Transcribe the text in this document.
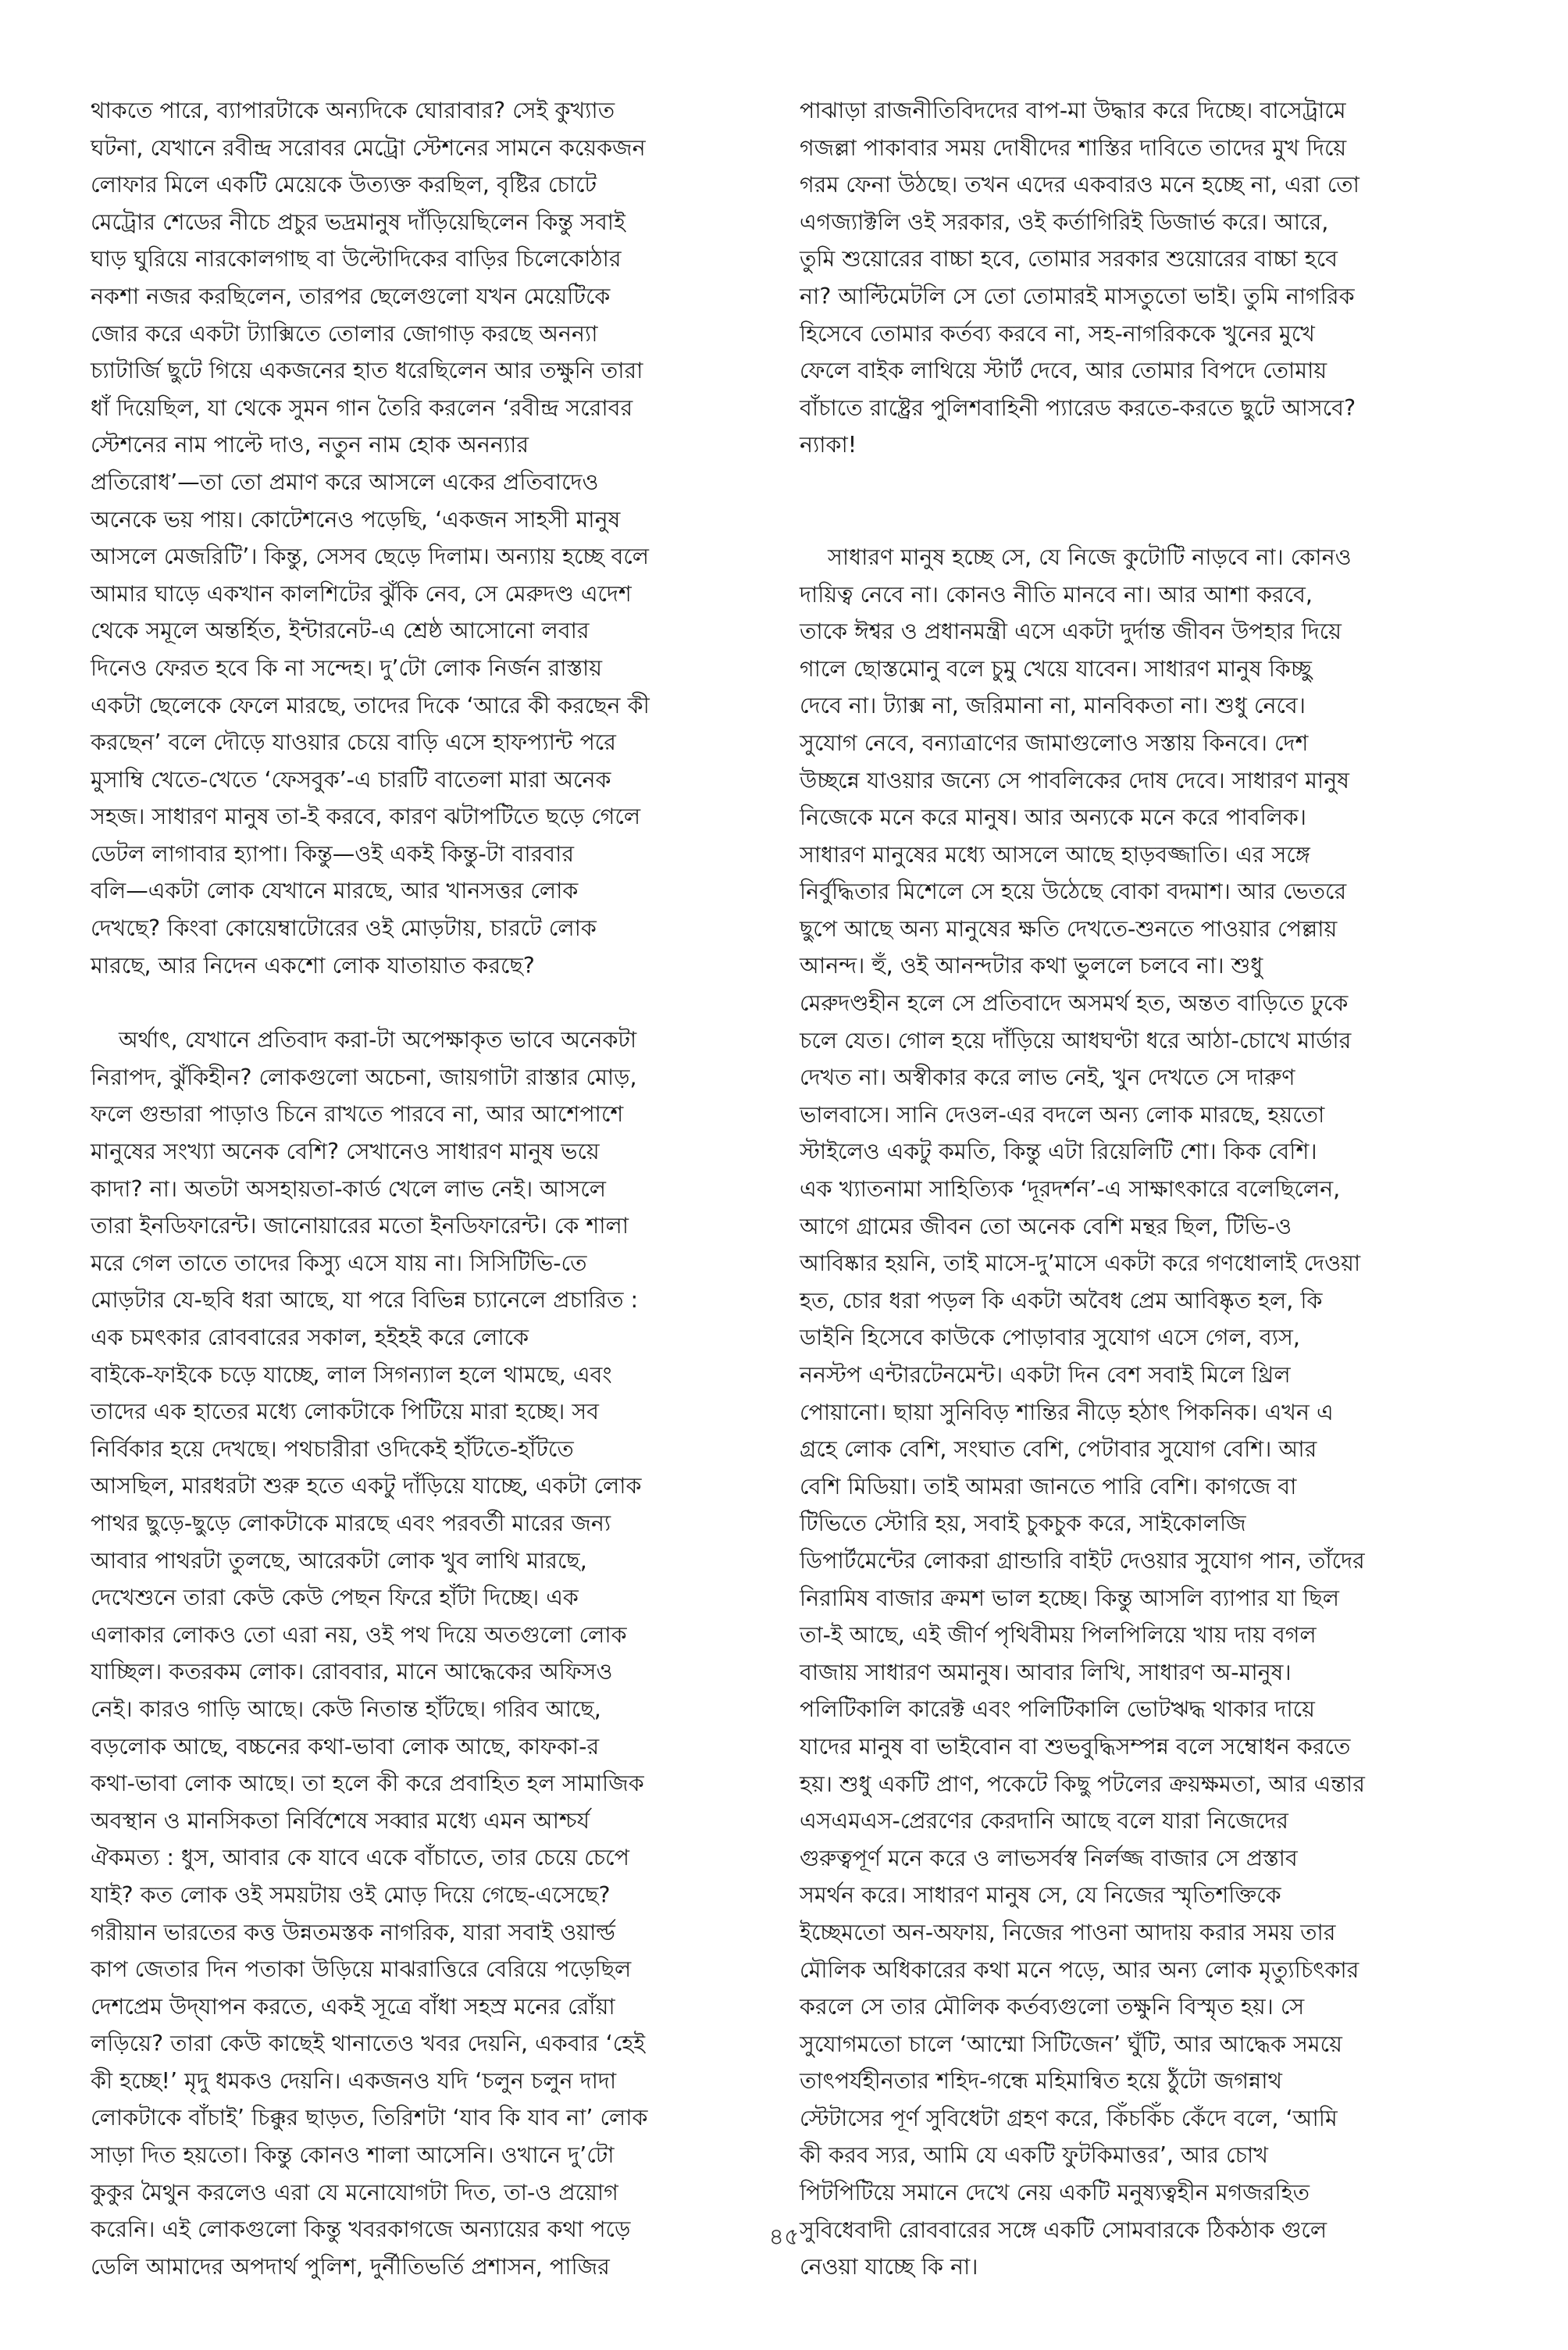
থাকতে পারে, ব্যাপারটাকে অন্যদিকে ঘোরাবার? সেই কুখ্যাত
ঘটনা, যেখানে রবীন্দ্র সরোবর মেট্রো স্টেশনের সামনে কয়েকজন
লোফার মিলে একটি মেয়েকে উত্যক্ত করছিল, বৃষ্টির চোটে
মেট্রোর শেডের নীচে প্রচুর ভদ্রমানুষ দাঁড়িয়েছিলেন কিন্তু সবাই
ঘাড় ঘুরিয়ে নারকোলগাছ বা উল্টোদিকের বাড়ির চিলেকোঠার
নকশা নজর করছিলেন, তারপর ছেলেগুলো যখন মেয়েটিকে
জোর করে একটা ট্যাক্সিতে তোলার জোগাড় করছে অনন্যা
চ্যাটার্জি ছুটে গিয়ে একজনের হাত ধরেছিলেন আর তক্ষুনি তারা
ধাঁ দিয়েছিল, যা থেকে সুমন গান তৈরি করলেন ‘রবীন্দ্র সরোবর
স্টেশনের নাম পাল্টে দাও, নতুন নাম হোক অনন্যার
প্রতিরোধ’—তা তো প্রমাণ করে আসলে একের প্রতিবাদেও
অনেকে ভয় পায়। কোটেশনেও পড়েছি, ‘একজন সাহসী মানুষ
আসলে মেজরিটি’। কিন্তু, সেসব ছেড়ে দিলাম। অন্যায় হচ্ছে বলে
আমার ঘাড়ে একখান কালশিটের ঝুঁকি নেব, সে মেরুদণ্ড এদেশ
থেকে সমূলে অন্তর্হিত, ইন্টারনেট-এ শ্রেষ্ঠ আসোনো লবার
দিনেও ফেরত হবে কি না সন্দেহ। দু’টো লোক নির্জন রাস্তায়
একটা ছেলেকে ফেলে মারছে, তাদের দিকে ‘আরে কী করছেন কী
করছেন’ বলে দৌড়ে যাওয়ার চেয়ে বাড়ি এসে হাফপ্যান্ট পরে
মুসাম্বি খেতে-খেতে ‘ফেসবুক’-এ চারটি বাতেলা মারা অনেক
সহজ। সাধারণ মানুষ তা-ই করবে, কারণ ঝটাপটিতে ছড়ে গেলে
ডেটল লাগাবার হ্যাপা। কিন্তু—ওই একই কিন্তু-টা বারবার
বলি—একটা লোক যেখানে মারছে, আর খানসত্তর লোক
দেখছে? কিংবা কোয়েম্বাটোরের ওই মোড়টায়, চারটে লোক
মারছে, আর নিদেন একশো লোক যাতায়াত করছে?

অর্থাৎ, যেখানে প্রতিবাদ করা-টা অপেক্ষাকৃত ভাবে অনেকটা
নিরাপদ, ঝুঁকিহীন? লোকগুলো অচেনা, জায়গাটা রাস্তার মোড়,
ফলে গুন্ডারা পাড়াও চিনে রাখতে পারবে না, আর আশেপাশে
মানুষের সংখ্যা অনেক বেশি? সেখানেও সাধারণ মানুষ ভয়ে
কাদা? না। অতটা অসহায়তা-কার্ড খেলে লাভ নেই। আসলে
তারা ইনডিফারেন্ট। জানোয়ারের মতো ইনডিফারেন্ট। কে শালা
মরে গেল তাতে তাদের কিস্যু এসে যায় না। সিসিটিভি-তে
মোড়টার যে-ছবি ধরা আছে, যা পরে বিভিন্ন চ্যানেলে প্রচারিত :
এক চমৎকার রোববারের সকাল, হইহই করে লোকে
বাইকে-ফাইকে চড়ে যাচ্ছে, লাল সিগন্যাল হলে থামছে, এবং
তাদের এক হাতের মধ্যে লোকটাকে পিটিয়ে মারা হচ্ছে। সব
নির্বিকার হয়ে দেখছে। পথচারীরা ওদিকেই হাঁটতে-হাঁটতে
আসছিল, মারধরটা শুরু হতে একটু দাঁড়িয়ে যাচ্ছে, একটা লোক
পাথর ছুড়ে-ছুড়ে লোকটাকে মারছে এবং পরবর্তী মারের জন্য
আবার পাথরটা তুলছে, আরেকটা লোক খুব লাথি মারছে,
দেখেশুনে তারা কেউ কেউ পেছন ফিরে হাঁটা দিচ্ছে। এক
এলাকার লোকও তো এরা নয়, ওই পথ দিয়ে অতগুলো লোক
যাচ্ছিল। কতরকম লোক। রোববার, মানে আদ্ধেকের অফিসও
নেই। কারও গাড়ি আছে। কেউ নিতান্ত হাঁটছে। গরিব আছে,
বড়লোক আছে, বচ্চনের কথা-ভাবা লোক আছে, কাফকা-র
কথা-ভাবা লোক আছে। তা হলে কী করে প্রবাহিত হল সামাজিক
অবস্থান ও মানসিকতা নির্বিশেষে সব্বার মধ্যে এমন আশ্চর্য
ঐকমত্য : ধুস, আবার কে যাবে একে বাঁচাতে, তার চেয়ে চেপে
যাই? কত লোক ওই সময়টায় ওই মোড় দিয়ে গেছে-এসেছে?
গরীয়ান ভারতের কত্ত উন্নতমস্তক নাগরিক, যারা সবাই ওয়ার্ল্ড
কাপ জেতার দিন পতাকা উড়িয়ে মাঝরাত্তিরে বেরিয়ে পড়েছিল
দেশপ্রেম উদ্‌যাপন করতে, একই সূত্রে বাঁধা সহস্র মনের রোঁয়া
লড়িয়ে? তারা কেউ কাছেই থানাতেও খবর দেয়নি, একবার ‘হেই
কী হচ্ছে!’ মৃদু ধমকও দেয়নি। একজনও যদি ‘চলুন চলুন দাদা
লোকটাকে বাঁচাই’ চিক্কুর ছাড়ত, তিরিশটা ‘যাব কি যাব না’ লোক
সাড়া দিত হয়তো। কিন্তু কোনও শালা আসেনি। ওখানে দু’টো
কুকুর মৈথুন করলেও এরা যে মনোযোগটা দিত, তা-ও প্রয়োগ
করেনি। এই লোকগুলো কিন্তু খবরকাগজে অন্যায়ের কথা পড়ে
ডেলি আমাদের অপদার্থ পুলিশ, দুর্নীতিভর্তি প্রশাসন, পাজির

পাঝাড়া রাজনীতিবিদদের বাপ-মা উদ্ধার করে দিচ্ছে। বাসেট্রামে
গজল্লা পাকাবার সময় দোষীদের শাস্তির দাবিতে তাদের মুখ দিয়ে
গরম ফেনা উঠছে। তখন এদের একবারও মনে হচ্ছে না, এরা তো
এগজ্যাক্টলি ওই সরকার, ওই কর্তাগিরিই ডিজার্ভ করে। আরে,
তুমি শুয়োরের বাচ্চা হবে, তোমার সরকার শুয়োরের বাচ্চা হবে
না? আল্টিমেটলি সে তো তোমারই মাসতুতো ভাই। তুমি নাগরিক
হিসেবে তোমার কর্তব্য করবে না, সহ-নাগরিককে খুনের মুখে
ফেলে বাইক লাথিয়ে স্টার্ট দেবে, আর তোমার বিপদে তোমায়
বাঁচাতে রাষ্ট্রের পুলিশবাহিনী প্যারেড করতে-করতে ছুটে আসবে?
ন্যাকা!

সাধারণ মানুষ হচ্ছে সে, যে নিজে কুটোটি নাড়বে না। কোনও
দায়িত্ব নেবে না। কোনও নীতি মানবে না। আর আশা করবে,
তাকে ঈশ্বর ও প্রধানমন্ত্রী এসে একটা দুর্দান্ত জীবন উপহার দিয়ে
গালে ছোস্তমোনু বলে চুমু খেয়ে যাবেন। সাধারণ মানুষ কিচ্ছু
দেবে না। ট্যাক্স না, জরিমানা না, মানবিকতা না। শুধু নেবে।
সুযোগ নেবে, বন্যাত্রাণের জামাগুলোও সস্তায় কিনবে। দেশ
উচ্ছন্নে যাওয়ার জন্যে সে পাবলিকের দোষ দেবে। সাধারণ মানুষ
নিজেকে মনে করে মানুষ। আর অন্যকে মনে করে পাবলিক।
সাধারণ মানুষের মধ্যে আসলে আছে হাড়বজ্জাতি। এর সঙ্গে
নির্বুদ্ধিতার মিশেলে সে হয়ে উঠেছে বোকা বদমাশ। আর ভেতরে
ছুপে আছে অন্য মানুষের ক্ষতি দেখতে-শুনতে পাওয়ার পেল্লায়
আনন্দ। হুঁ, ওই আনন্দটার কথা ভুললে চলবে না। শুধু
মেরুদণ্ডহীন হলে সে প্রতিবাদে অসমর্থ হত, অন্তত বাড়িতে ঢুকে
চলে যেত। গোল হয়ে দাঁড়িয়ে আধঘণ্টা ধরে আঠা-চোখে মার্ডার
দেখত না। অস্বীকার করে লাভ নেই, খুন দেখতে সে দারুণ
ভালবাসে। সানি দেওল-এর বদলে অন্য লোক মারছে, হয়তো
স্টাইলেও একটু কমতি, কিন্তু এটা রিয়েলিটি শো। কিক বেশি।
এক খ্যাতনামা সাহিত্যিক ‘দূরদর্শন’-এ সাক্ষাৎকারে বলেছিলেন,
আগে গ্রামের জীবন তো অনেক বেশি মন্থর ছিল, টিভি-ও
আবিষ্কার হয়নি, তাই মাসে-দু’মাসে একটা করে গণধোলাই দেওয়া
হত, চোর ধরা পড়ল কি একটা অবৈধ প্রেম আবিষ্কৃত হল, কি
ডাইনি হিসেবে কাউকে পোড়াবার সুযোগ এসে গেল, ব্যস,
ননস্টপ এন্টারটেনমেন্ট। একটা দিন বেশ সবাই মিলে থ্রিল
পোয়ানো। ছায়া সুনিবিড় শান্তির নীড়ে হঠাৎ পিকনিক। এখন এ
গ্রহে লোক বেশি, সংঘাত বেশি, পেটাবার সুযোগ বেশি। আর
বেশি মিডিয়া। তাই আমরা জানতে পারি বেশি। কাগজে বা
টিভিতে স্টোরি হয়, সবাই চুকচুক করে, সাইকোলজি
ডিপার্টমেন্টের লোকরা গ্রান্ডারি বাইট দেওয়ার সুযোগ পান, তাঁদের
নিরামিষ বাজার ক্রমশ ভাল হচ্ছে। কিন্তু আসলি ব্যাপার যা ছিল
তা-ই আছে, এই জীর্ণ পৃথিবীময় পিলপিলিয়ে খায় দায় বগল
বাজায় সাধারণ অমানুষ। আবার লিখি, সাধারণ অ-মানুষ।
পলিটিকালি কারেক্ট এবং পলিটিকালি ভোটঋদ্ধ থাকার দায়ে
যাদের মানুষ বা ভাইবোন বা শুভবুদ্ধিসম্পন্ন বলে সম্বোধন করতে
হয়। শুধু একটি প্রাণ, পকেটে কিছু পটলের ক্রয়ক্ষমতা, আর এন্তার
এসএমএস-প্রেরণের কেরদানি আছে বলে যারা নিজেদের
গুরুত্বপূর্ণ মনে করে ও লাভসর্বস্ব নির্লজ্জ বাজার সে প্রস্তাব
সমর্থন করে। সাধারণ মানুষ সে, যে নিজের স্মৃতিশক্তিকে
ইচ্ছেমতো অন-অফায়, নিজের পাওনা আদায় করার সময় তার
মৌলিক অধিকারের কথা মনে পড়ে, আর অন্য লোক মৃত্যুচিৎকার
করলে সে তার মৌলিক কর্তব্যগুলো তক্ষুনি বিস্মৃত হয়। সে
সুযোগমতো চালে ‘আম্মো সিটিজেন’ ঘুঁটি, আর আদ্ধেক সময়ে
তাৎপর্যহীনতার শহিদ-গন্ধে মহিমান্বিত হয়ে ঠুঁটো জগন্নাথ
স্টেটাসের পূর্ণ সুবিধেটা গ্রহণ করে, কিঁচকিঁচ কেঁদে বলে, ‘আমি
কী করব স্যর, আমি যে একটি ফুটকিমাত্তর’, আর চোখ
পিটপিটিয়ে সমানে দেখে নেয় একটি মনুষ্যত্বহীন মগজরহিত
সুবিধেবাদী রোববারের সঙ্গে একটি সোমবারকে ঠিকঠাক গুলে
নেওয়া যাচ্ছে কি না।

৪৫
